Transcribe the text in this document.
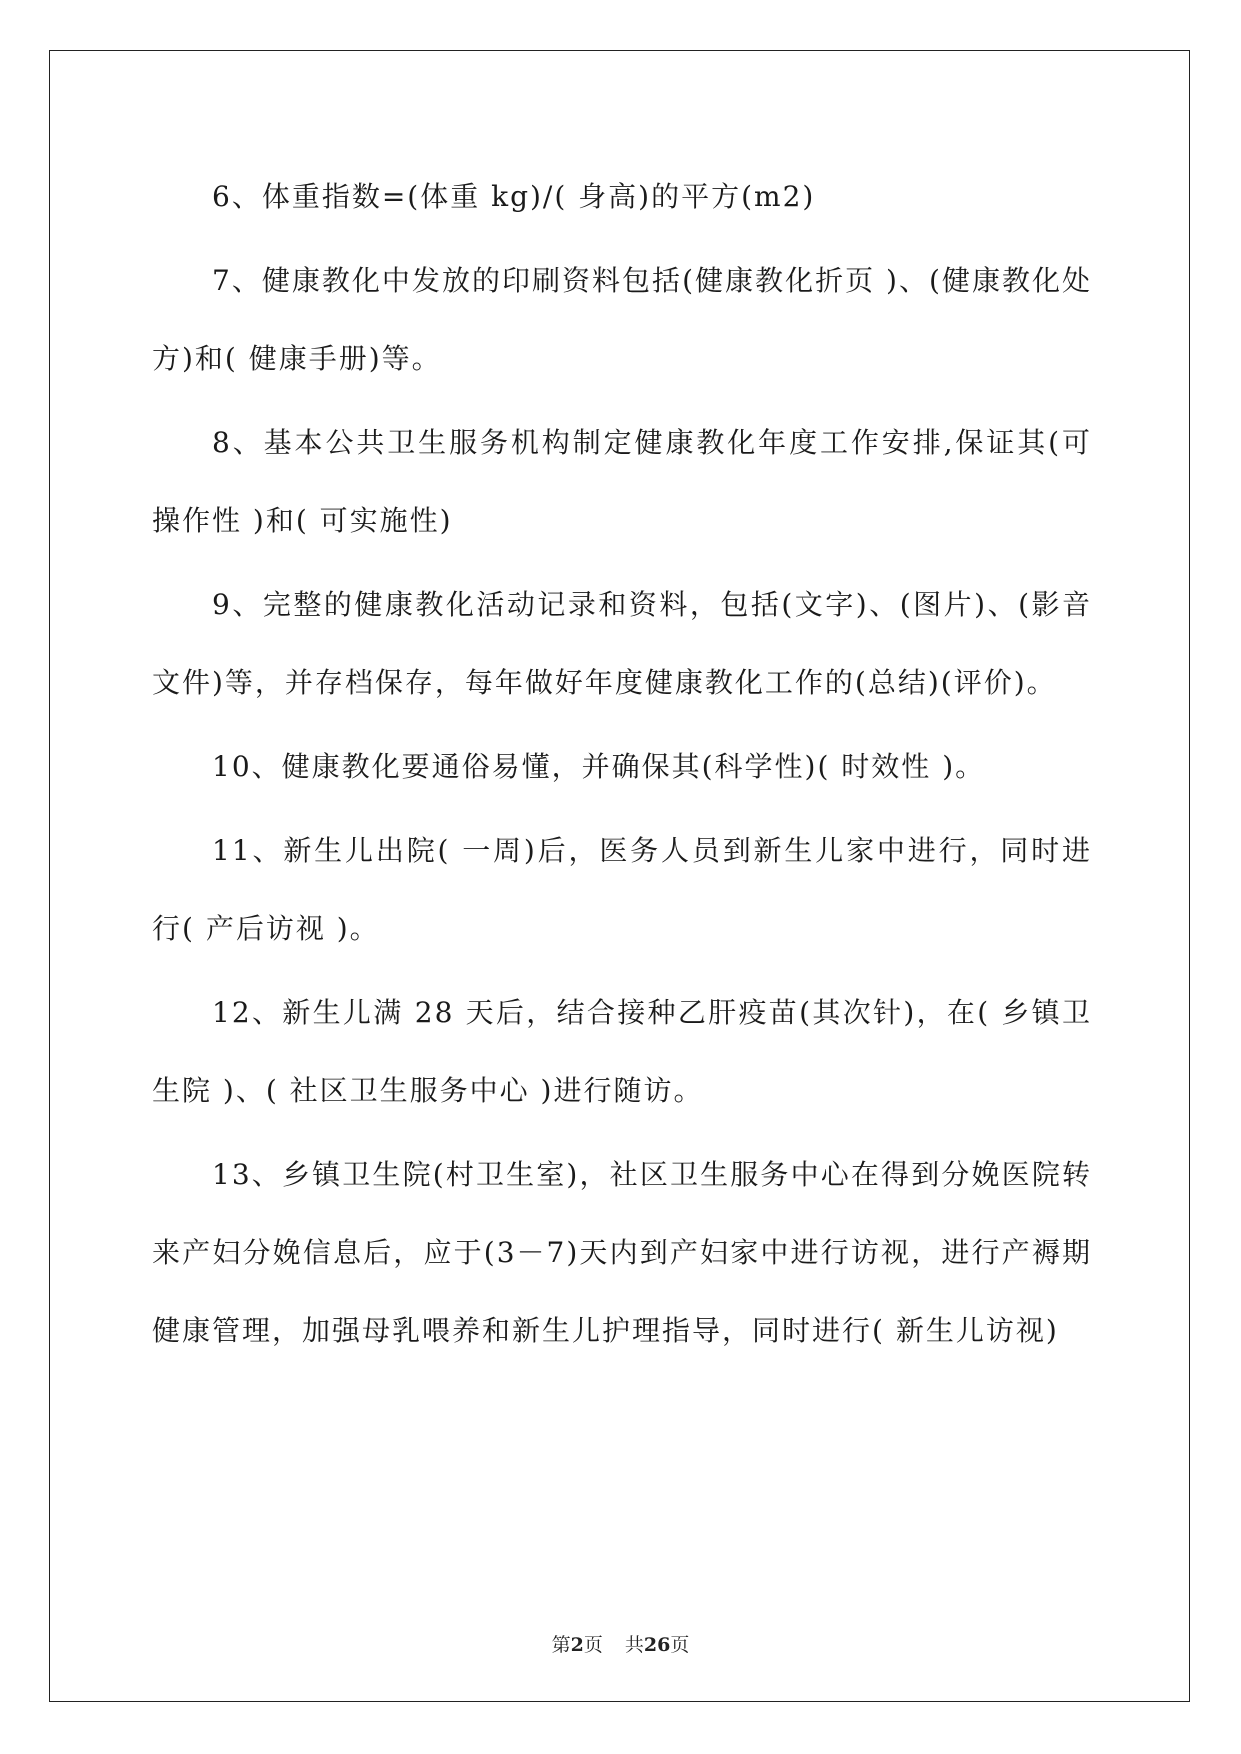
6、体重指数=(体重 kg)/( 身高)的平方(m2)

7、健康教化中发放的印刷资料包括(健康教化折页 )、(健康教化处方)和( 健康手册)等。

8、基本公共卫生服务机构制定健康教化年度工作安排,保证其(可操作性 )和( 可实施性)

9、完整的健康教化活动记录和资料，包括(文字)、(图片)、(影音文件)等，并存档保存，每年做好年度健康教化工作的(总结)(评价)。

10、健康教化要通俗易懂，并确保其(科学性)( 时效性 )。

11、新生儿出院( 一周)后，医务人员到新生儿家中进行，同时进行( 产后访视 )。

12、新生儿满 28 天后，结合接种乙肝疫苗(其次针)，在( 乡镇卫生院 )、( 社区卫生服务中心 )进行随访。

13、乡镇卫生院(村卫生室)，社区卫生服务中心在得到分娩医院转来产妇分娩信息后，应于(3－7)天内到产妇家中进行访视，进行产褥期健康管理，加强母乳喂养和新生儿护理指导，同时进行( 新生儿访视)

第2页 共26页
